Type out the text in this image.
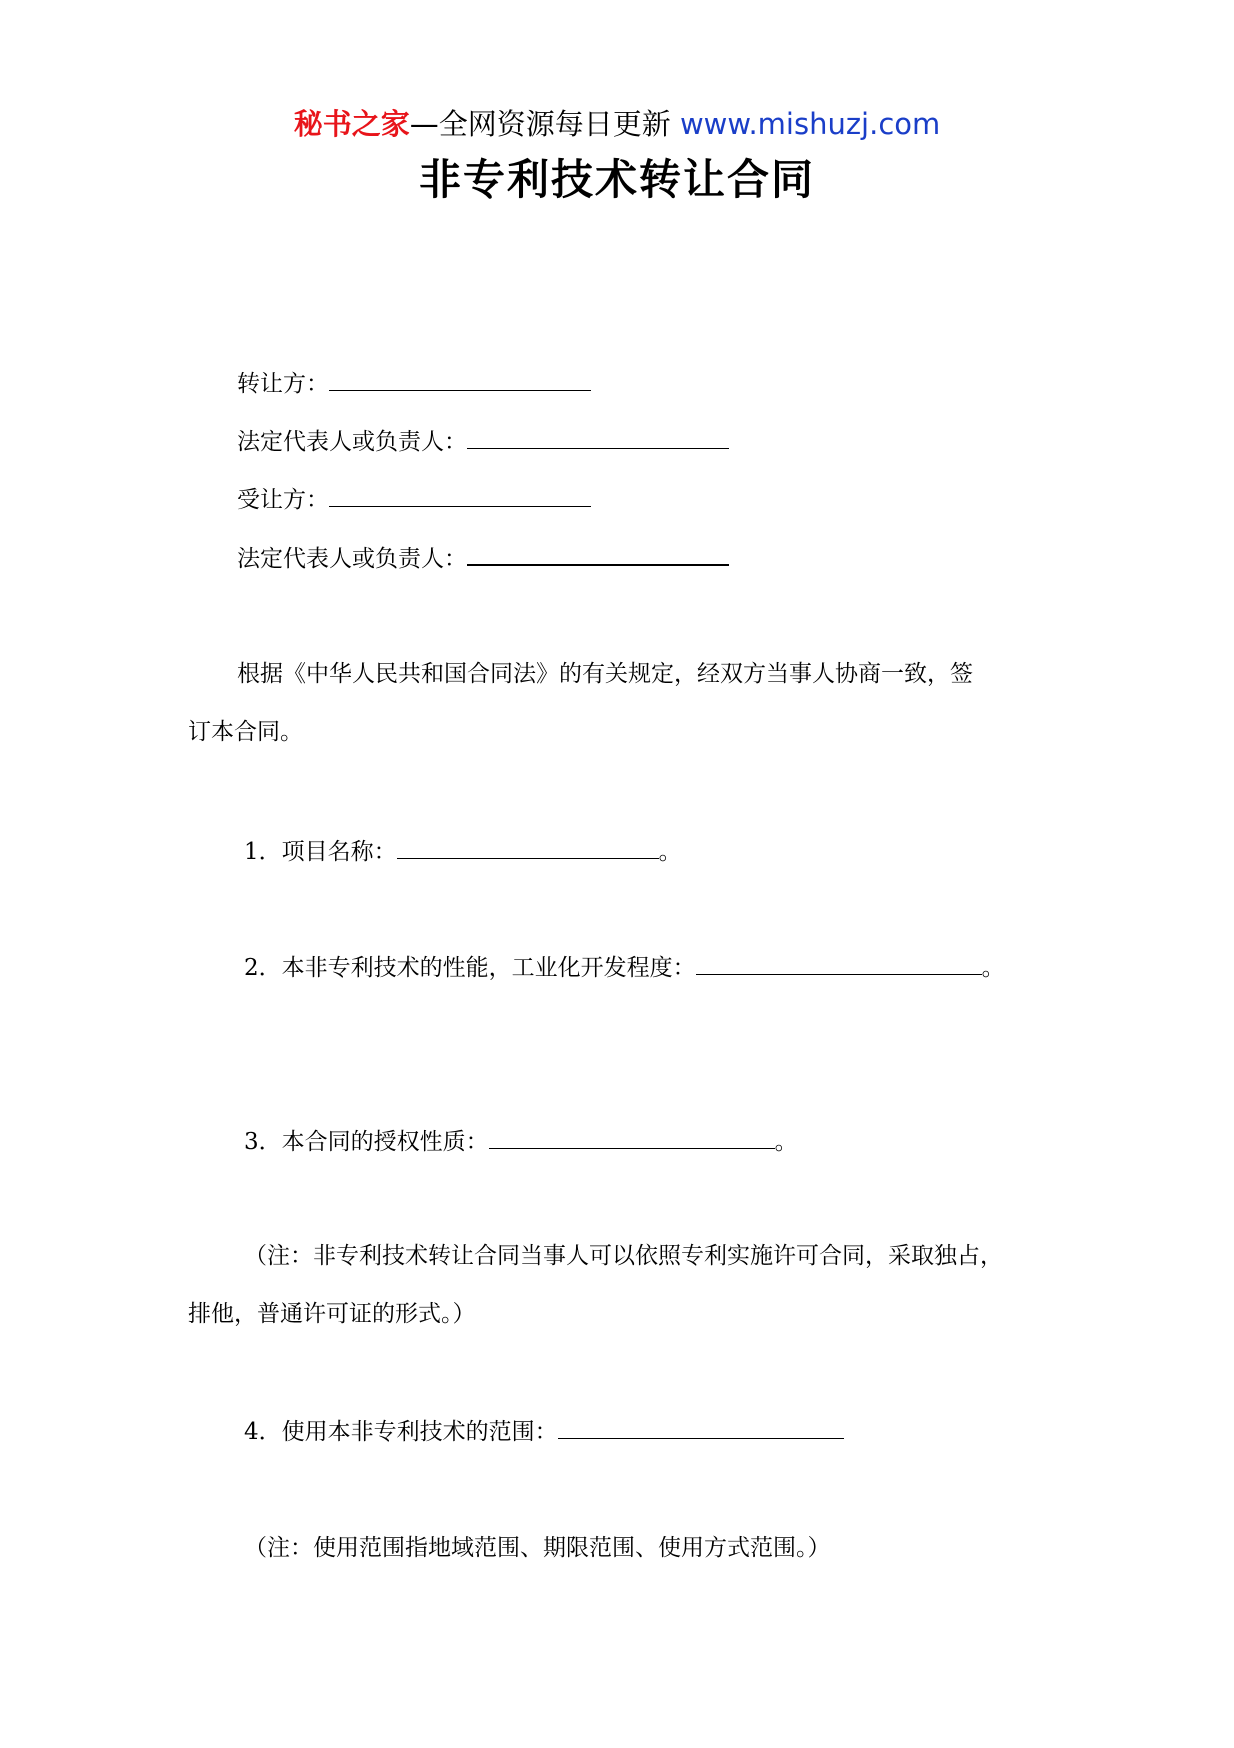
秘书之家—全网资源每日更新 www.mishuzj.com
非专利技术转让合同
转让方：
法定代表人或负责人：
受让方：
法定代表人或负责人：
根据《中华人民共和国合同法》的有关规定，经双方当事人协商一致，签
订本合同。
1．项目名称：	。
2．本非专利技术的性能，工业化开发程度：	。
3．本合同的授权性质：	。
（注：非专利技术转让合同当事人可以依照专利实施许可合同，采取独占，
排他，普通许可证的形式。）
4．使用本非专利技术的范围：
（注：使用范围指地域范围、期限范围、使用方式范围。）
